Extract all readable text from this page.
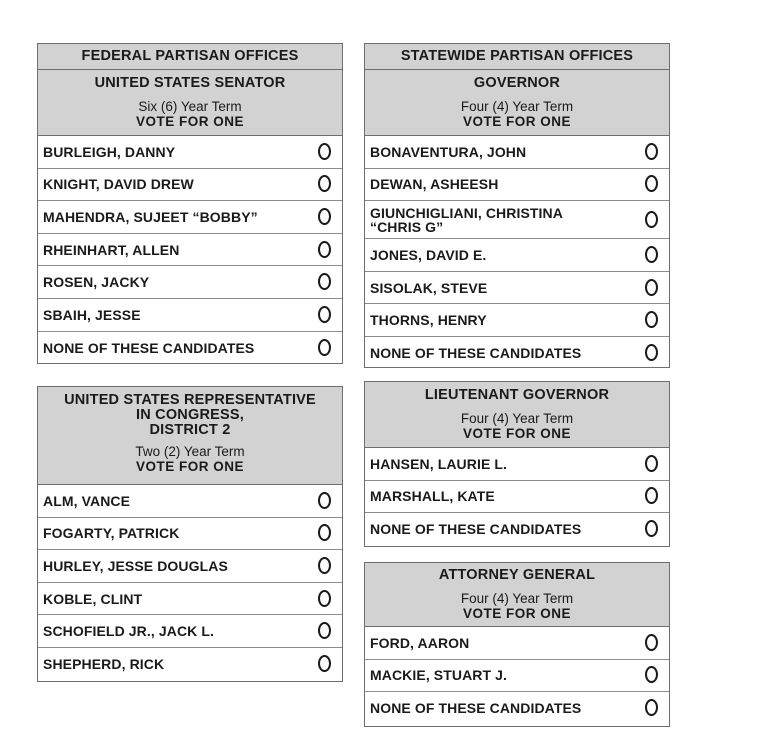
FEDERAL PARTISAN OFFICES
UNITED STATES SENATOR
Six (6) Year Term
VOTE FOR ONE
BURLEIGH, DANNY
KNIGHT, DAVID DREW
MAHENDRA, SUJEET “BOBBY”
RHEINHART, ALLEN
ROSEN, JACKY
SBAIH, JESSE
NONE OF THESE CANDIDATES
UNITED STATES REPRESENTATIVE
IN CONGRESS,
DISTRICT 2
Two (2) Year Term
VOTE FOR ONE
ALM, VANCE
FOGARTY, PATRICK
HURLEY, JESSE DOUGLAS
KOBLE, CLINT
SCHOFIELD JR., JACK L.
SHEPHERD, RICK
STATEWIDE PARTISAN OFFICES
GOVERNOR
Four (4) Year Term
VOTE FOR ONE
BONAVENTURA, JOHN
DEWAN, ASHEESH
GIUNCHIGLIANI, CHRISTINA
“CHRIS G”
JONES, DAVID E.
SISOLAK, STEVE
THORNS, HENRY
NONE OF THESE CANDIDATES
LIEUTENANT GOVERNOR
Four (4) Year Term
VOTE FOR ONE
HANSEN, LAURIE L.
MARSHALL, KATE
NONE OF THESE CANDIDATES
ATTORNEY GENERAL
Four (4) Year Term
VOTE FOR ONE
FORD, AARON
MACKIE, STUART J.
NONE OF THESE CANDIDATES
